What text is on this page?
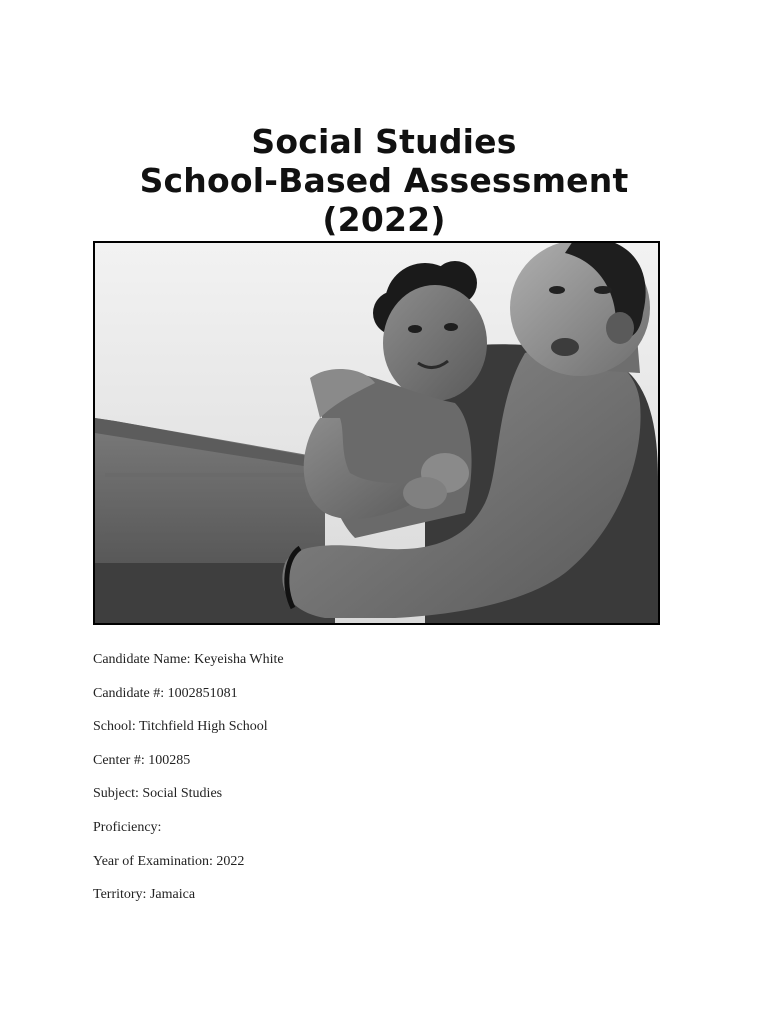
Social Studies
School-Based Assessment
(2022)
Candidate Name: Keyeisha White
Candidate #: 1002851081
School: Titchfield High School
Center #: 100285
Subject: Social Studies
Proficiency:
Year of Examination: 2022
Territory: Jamaica
